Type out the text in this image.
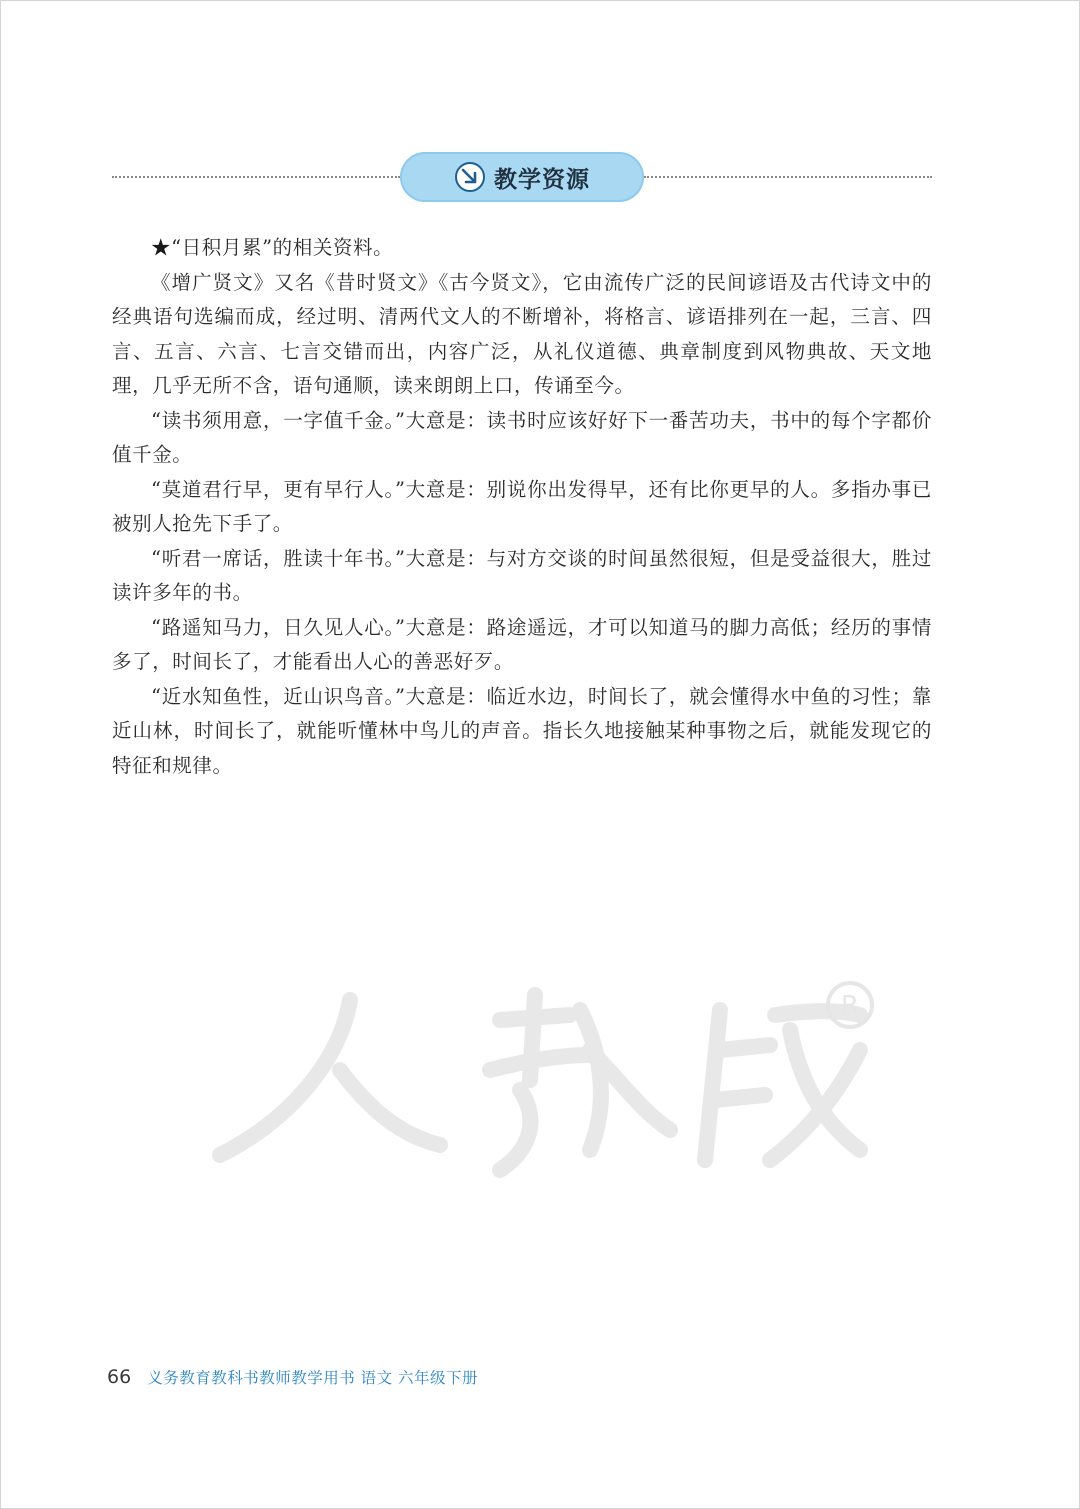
教学资源

★“日积月累”的相关资料。

《增广贤文》又名《昔时贤文》《古今贤文》，它由流传广泛的民间谚语及古代诗文中的经典语句选编而成，经过明、清两代文人的不断增补，将格言、谚语排列在一起，三言、四言、五言、六言、七言交错而出，内容广泛，从礼仪道德、典章制度到风物典故、天文地理，几乎无所不含，语句通顺，读来朗朗上口，传诵至今。

“读书须用意，一字值千金。”大意是：读书时应该好好下一番苦功夫，书中的每个字都价值千金。

“莫道君行早，更有早行人。”大意是：别说你出发得早，还有比你更早的人。多指办事已被别人抢先下手了。

“听君一席话，胜读十年书。”大意是：与对方交谈的时间虽然很短，但是受益很大，胜过读许多年的书。

“路遥知马力，日久见人心。”大意是：路途遥远，才可以知道马的脚力高低；经历的事情多了，时间长了，才能看出人心的善恶好歹。

“近水知鱼性，近山识鸟音。”大意是：临近水边，时间长了，就会懂得水中鱼的习性；靠近山林，时间长了，就能听懂林中鸟儿的声音。指长久地接触某种事物之后，就能发现它的特征和规律。

R
66 义务教育教科书教师教学用书 语文 六年级下册
